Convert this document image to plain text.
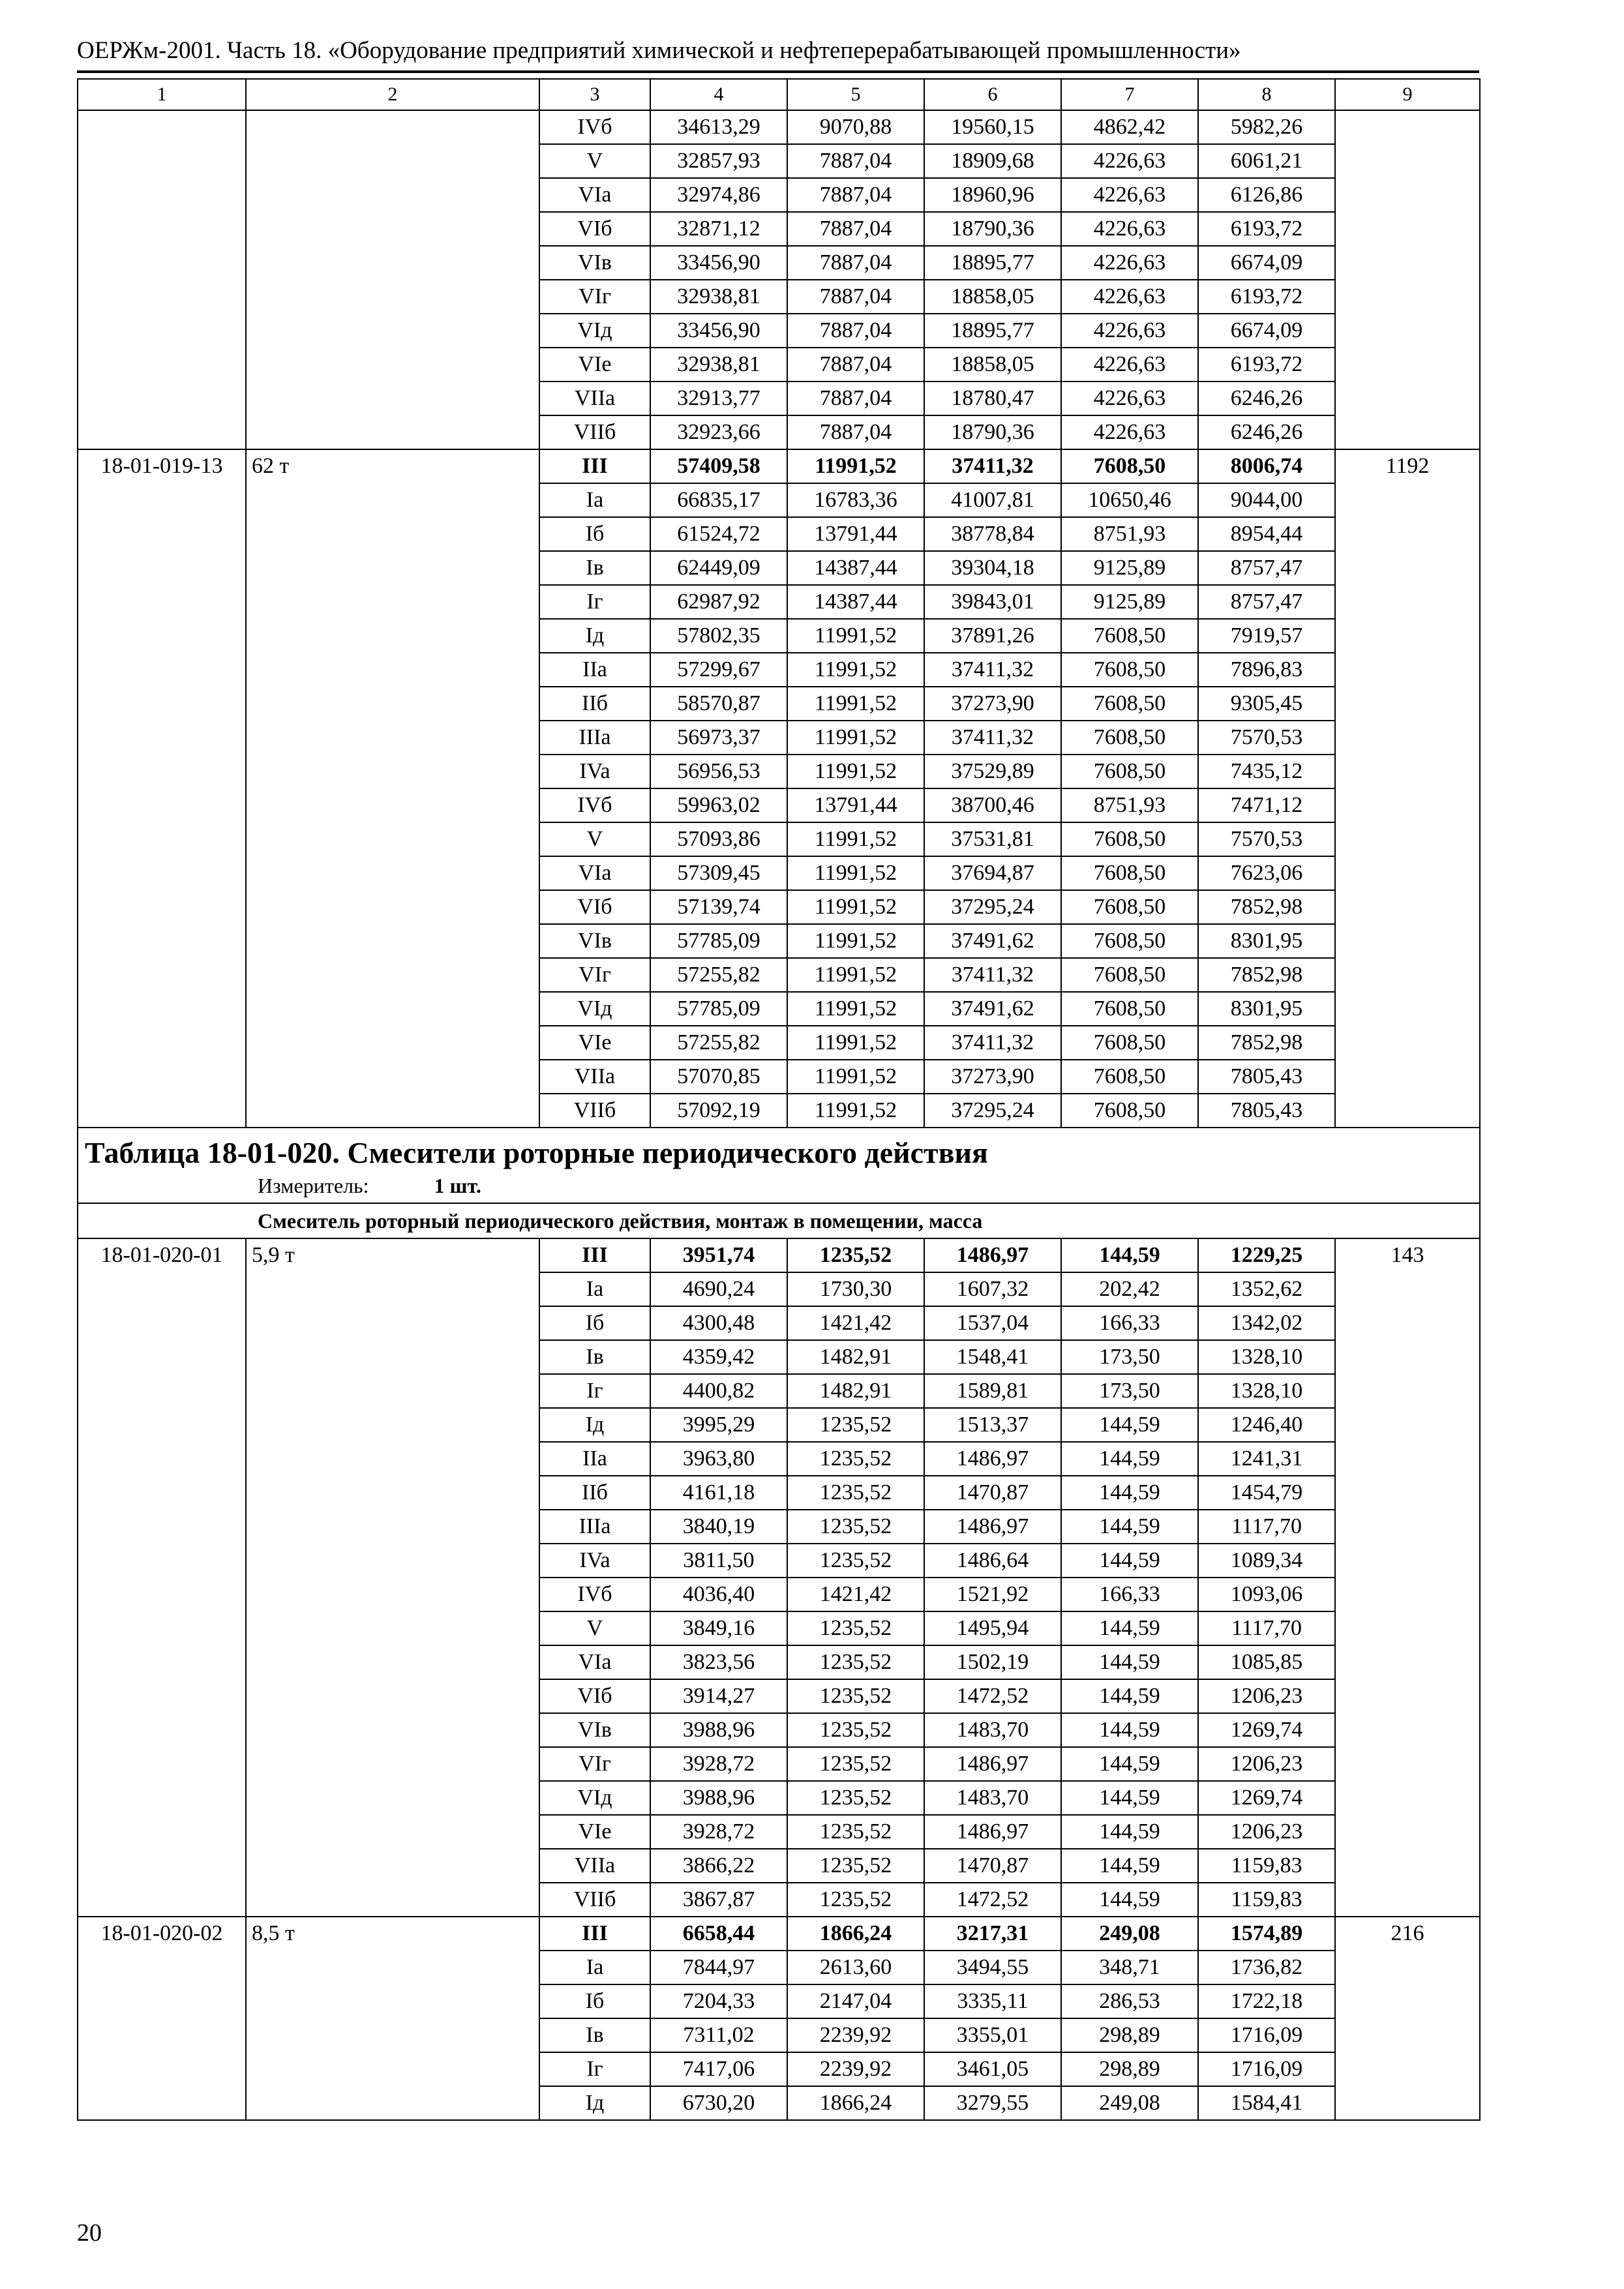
ОЕРЖм-2001. Часть 18. «Оборудование предприятий химической и нефтеперерабатывающей промышленности»
1	2	3	4	5	6	7	8	9
		IVб	34613,29	9070,88	19560,15	4862,42	5982,26	
		V	32857,93	7887,04	18909,68	4226,63	6061,21	
		VIa	32974,86	7887,04	18960,96	4226,63	6126,86	
		VIб	32871,12	7887,04	18790,36	4226,63	6193,72	
		VIв	33456,90	7887,04	18895,77	4226,63	6674,09	
		VIг	32938,81	7887,04	18858,05	4226,63	6193,72	
		VIд	33456,90	7887,04	18895,77	4226,63	6674,09	
		VIе	32938,81	7887,04	18858,05	4226,63	6193,72	
		VIIa	32913,77	7887,04	18780,47	4226,63	6246,26	
		VIIб	32923,66	7887,04	18790,36	4226,63	6246,26	
18-01-019-13	62 т	III	57409,58	11991,52	37411,32	7608,50	8006,74	1192
		Ia	66835,17	16783,36	41007,81	10650,46	9044,00	
		Iб	61524,72	13791,44	38778,84	8751,93	8954,44	
		Iв	62449,09	14387,44	39304,18	9125,89	8757,47	
		Iг	62987,92	14387,44	39843,01	9125,89	8757,47	
		Iд	57802,35	11991,52	37891,26	7608,50	7919,57	
		IIa	57299,67	11991,52	37411,32	7608,50	7896,83	
		IIб	58570,87	11991,52	37273,90	7608,50	9305,45	
		IIIa	56973,37	11991,52	37411,32	7608,50	7570,53	
		IVa	56956,53	11991,52	37529,89	7608,50	7435,12	
		IVб	59963,02	13791,44	38700,46	8751,93	7471,12	
		V	57093,86	11991,52	37531,81	7608,50	7570,53	
		VIa	57309,45	11991,52	37694,87	7608,50	7623,06	
		VIб	57139,74	11991,52	37295,24	7608,50	7852,98	
		VIв	57785,09	11991,52	37491,62	7608,50	8301,95	
		VIг	57255,82	11991,52	37411,32	7608,50	7852,98	
		VIд	57785,09	11991,52	37491,62	7608,50	8301,95	
		VIе	57255,82	11991,52	37411,32	7608,50	7852,98	
		VIIa	57070,85	11991,52	37273,90	7608,50	7805,43	
		VIIб	57092,19	11991,52	37295,24	7608,50	7805,43	

Таблица 18-01-020. Смесители роторные периодического действия
Измеритель: 1 шт.								

Смеситель роторный периодического действия, монтаж в помещении, масса								
18-01-020-01	5,9 т	III	3951,74	1235,52	1486,97	144,59	1229,25	143
		Ia	4690,24	1730,30	1607,32	202,42	1352,62	
		Iб	4300,48	1421,42	1537,04	166,33	1342,02	
		Iв	4359,42	1482,91	1548,41	173,50	1328,10	
		Iг	4400,82	1482,91	1589,81	173,50	1328,10	
		Iд	3995,29	1235,52	1513,37	144,59	1246,40	
		IIa	3963,80	1235,52	1486,97	144,59	1241,31	
		IIб	4161,18	1235,52	1470,87	144,59	1454,79	
		IIIa	3840,19	1235,52	1486,97	144,59	1117,70	
		IVa	3811,50	1235,52	1486,64	144,59	1089,34	
		IVб	4036,40	1421,42	1521,92	166,33	1093,06	
		V	3849,16	1235,52	1495,94	144,59	1117,70	
		VIa	3823,56	1235,52	1502,19	144,59	1085,85	
		VIб	3914,27	1235,52	1472,52	144,59	1206,23	
		VIв	3988,96	1235,52	1483,70	144,59	1269,74	
		VIг	3928,72	1235,52	1486,97	144,59	1206,23	
		VIд	3988,96	1235,52	1483,70	144,59	1269,74	
		VIе	3928,72	1235,52	1486,97	144,59	1206,23	
		VIIa	3866,22	1235,52	1470,87	144,59	1159,83	
		VIIб	3867,87	1235,52	1472,52	144,59	1159,83	
18-01-020-02	8,5 т	III	6658,44	1866,24	3217,31	249,08	1574,89	216
		Ia	7844,97	2613,60	3494,55	348,71	1736,82	
		Iб	7204,33	2147,04	3335,11	286,53	1722,18	
		Iв	7311,02	2239,92	3355,01	298,89	1716,09	
		Iг	7417,06	2239,92	3461,05	298,89	1716,09	
		Iд	6730,20	1866,24	3279,55	249,08	1584,41	
20
